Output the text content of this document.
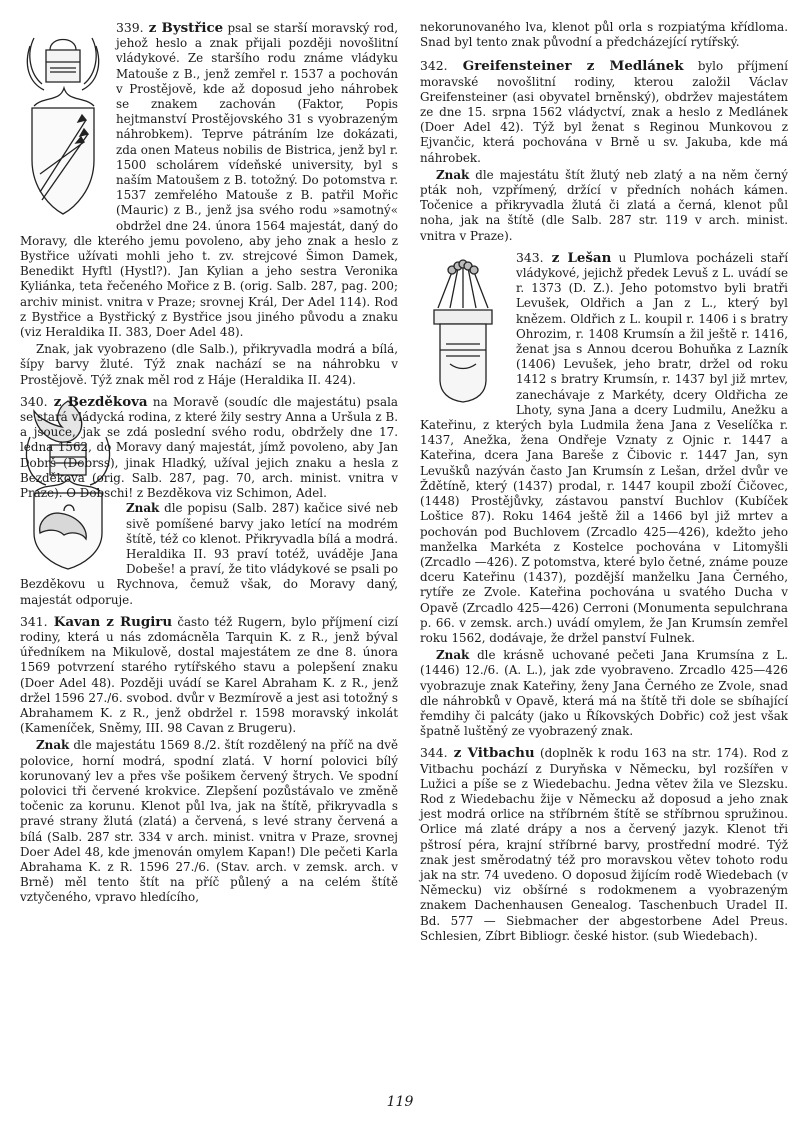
339. z Bystřice psal se starší moravský rod, jehož heslo a znak přijali později novošlitní vládykové. Ze staršího rodu známe vládyku Matouše z B., jenž zemřel r. 1537 a pochován v Prostějově, kde až doposud jeho náhrobek se znakem zachován (Faktor, Popis hejtmanství Prostějovského 31 s vyobrazeným náhrobkem). Teprve pátráním lze dokázati, zda onen Mateus nobilis de Bistrica, jenž byl r. 1500 scholárem vídeňské university, byl s naším Matoušem z B. totožný. Do potomstva r. 1537 zemřelého Matouše z B. patřil Mořic (Mauric) z B., jenž jsa svého rodu »samotný« obdržel dne 24. února 1564 majestát, daný do Moravy, dle kterého jemu povoleno, aby jeho znak a heslo z Bystřice užívati mohli jeho t. zv. strejcové Šimon Damek, Benedikt Hyftl (Hystl?). Jan Kylian a jeho sestra Veronika Kyliánka, teta řečeného Mořice z B. (orig. Salb. 287, pag. 200; archiv minist. vnitra v Praze; srovnej Král, Der Adel 114). Rod z Bystřice a Bystřický z Bystřice jsou jiného původu a znaku (viz Heraldika II. 383, Doer Adel 48).

Znak, jak vyobrazeno (dle Salb.), přikryvadla modrá a bílá, šípy barvy žluté. Týž znak nachází se na náhrobku v Prostějově. Týž znak měl rod z Háje (Heraldika II. 424).

340. z Bezděkova na Moravě (soudíc dle majestátu) psala se stará vládycká rodina, z které žily sestry Anna a Uršula z B. a jsouce, jak se zdá poslední svého rodu, obdržely dne 17. ledna 1562, do Moravy daný majestát, jímž povoleno, aby Jan Dobrš (Dobrss), jinak Hladký, užíval jejich znaku a hesla z Bezděkova (orig. Salb. 287, pag. 70, arch. minist. vnitra v Praze). O Dobschi! z Bezděkova viz Schimon, Adel.

Znak dle popisu (Salb. 287) kačice sivé neb sivě pomíšené barvy jako letící na modrém štítě, též co klenot. Přikryvadla bílá a modrá. Heraldika II. 93 praví totéž, uváděje Jana Dobeše! a praví, že tito vládykové se psali po Bezděkovu u Rychnova, čemuž však, do Moravy daný, majestát odporuje.

341. Kavan z Rugiru často též Rugern, bylo příjmení cizí rodiny, která u nás zdomácněla Tarquin K. z R., jenž býval úředníkem na Mikulově, dostal majestátem ze dne 8. února 1569 potvrzení starého rytířského stavu a polepšení znaku (Doer Adel 48). Později uvádí se Karel Abraham K. z R., jenž držel 1596 27./6. svobod. dvůr v Bezmírově a jest asi totožný s Abrahamem K. z R., jenž obdržel r. 1598 moravský inkolát (Kameníček, Sněmy, III. 98 Cavan z Brugeru).

Znak dle majestátu 1569 8./2. štít rozdělený na příč na dvě polovice, horní modrá, spodní zlatá. V horní polovici bílý korunovaný lev a přes vše pošikem červený štrych. Ve spodní polovici tři červené krokvice. Zlepšení pozůstávalo ve změně točenic za korunu. Klenot půl lva, jak na štítě, přikryvadla s pravé strany žlutá (zlatá) a červená, s levé strany červená a bílá (Salb. 287 str. 334 v arch. minist. vnitra v Praze, srovnej Doer Adel 48, kde jmenován omylem Kapan!) Dle pečeti Karla Abrahama K. z R. 1596 27./6. (Stav. arch. v zemsk. arch. v Brně) měl tento štít na příč půlený a na celém štítě vztyčeného, vpravo hledícího,

nekorunovaného lva, klenot půl orla s rozpiatýma křídloma. Snad byl tento znak původní a předcházející rytířský.

342. Greifensteiner z Medlánek bylo příjmení moravské novošlitní rodiny, kterou založil Václav Greifensteiner (asi obyvatel brněnský), obdržev majestátem ze dne 15. srpna 1562 vládyctví, znak a heslo z Medlánek (Doer Adel 42). Týž byl ženat s Reginou Munkovou z Ejvančic, která pochována v Brně u sv. Jakuba, kde má náhrobek.

Znak dle majestátu štít žlutý neb zlatý a na něm černý pták noh, vzpřímený, držící v předních nohách kámen. Točenice a přikryvadla žlutá či zlatá a černá, klenot půl noha, jak na štítě (dle Salb. 287 str. 119 v arch. minist. vnitra v Praze).

343. z Lešan u Plumlova pocházeli staří vládykové, jejichž předek Levuš z L. uvádí se r. 1373 (D. Z.). Jeho potomstvo byli bratři Levušek, Oldřich a Jan z L., který byl knězem. Oldřich z L. koupil r. 1406 i s bratry Ohrozim, r. 1408 Krumsín a žil ještě r. 1416, ženat jsa s Annou dcerou Bohuňka z Lazník (1406) Levušek, jeho bratr, držel od roku 1412 s bratry Krumsín, r. 1437 byl již mrtev, zanechávaje z Markéty, dcery Oldřicha ze Lhoty, syna Jana a dcery Ludmilu, Anežku a Kateřinu, z kterých byla Ludmila žena Jana z Veselíčka r. 1437, Anežka, žena Ondřeje Vznaty z Ojnic r. 1447 a Kateřina, dcera Jana Bareše z Čibovic r. 1447 Jan, syn Levušků nazýván často Jan Krumsín z Lešan, držel dvůr ve Ždětíně, který (1437) prodal, r. 1447 koupil zboží Čičovec, (1448) Prostějůvky, zástavou panství Buchlov (Kubíček Loštice 87). Roku 1464 ještě žil a 1466 byl již mrtev a pochován pod Buchlovem (Zrcadlo 425—426), kdežto jeho manželka Markéta z Kostelce pochována v Litomyšli (Zrcadlo —426). Z potomstva, které bylo četné, známe pouze dceru Kateřinu (1437), pozdější manželku Jana Černého, rytíře ze Zvole. Kateřina pochována u svatého Ducha v Opavě (Zrcadlo 425—426) Cerroni (Monumenta sepulchrana p. 66. v zemsk. arch.) uvádí omylem, že Jan Krumsín zemřel roku 1562, dodávaje, že držel panství Fulnek.

Znak dle krásně uchované pečeti Jana Krumsína z L. (1446) 12./6. (A. L.), jak zde vyobraveno. Zrcadlo 425—426 vyobrazuje znak Kateřiny, ženy Jana Černého ze Zvole, snad dle náhrobků v Opavě, která má na štítě tři dole se sbíhající řemdihy či palcáty (jako u Říkovských Dobřic) což jest však špatně luštěný ze vyobrazený znak.

344. z Vitbachu (doplněk k rodu 163 na str. 174). Rod z Vitbachu pochází z Duryňska v Německu, byl rozšířen v Lužici a píše se z Wiedebachu. Jedna větev žila ve Slezsku. Rod z Wiedebachu žije v Německu až doposud a jeho znak jest modrá orlice na stříbrném štítě se stříbrnou spružinou. Orlice má zlaté drápy a nos a červený jazyk. Klenot tři pštrosí péra, krajní stříbrné barvy, prostřední modré. Týž znak jest směrodatný též pro moravskou větev tohoto rodu jak na str. 74 uvedeno. O doposud žijícím rodě Wiedebach (v Německu) viz obšírné s rodokmenem a vyobrazeným znakem Dachenhausen Genealog. Taschenbuch Uradel II. Bd. 577 — Siebmacher der abgestorbene Adel Preus. Schlesien, Zíbrt Bibliogr. české histor. (sub Wiedebach).

119
